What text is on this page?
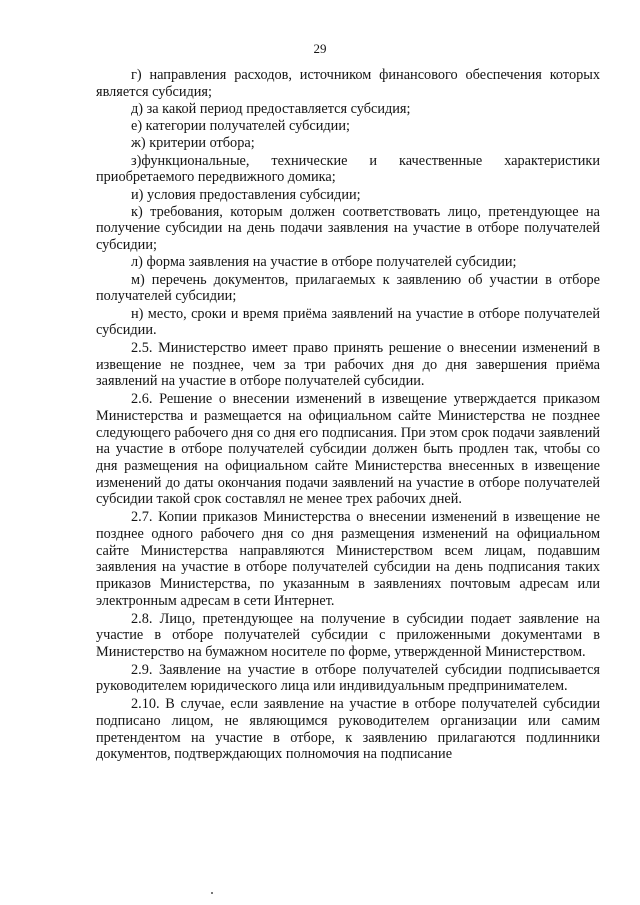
29

г) направления расходов, источником финансового обеспечения которых является субсидия;

д) за какой период предоставляется субсидия;

е) категории получателей субсидии;

ж) критерии отбора;

з)функциональные, технические и качественные характеристики приобретаемого передвижного домика;

и) условия предоставления субсидии;

к) требования, которым должен соответствовать лицо, претендующее на получение субсидии на день подачи заявления на участие в отборе получателей субсидии;

л) форма заявления на участие в отборе получателей субсидии;

м) перечень документов, прилагаемых к заявлению об участии в отборе получателей субсидии;

н) место, сроки и время приёма заявлений на участие в отборе получателей субсидии.

2.5. Министерство имеет право принять решение о внесении изменений в извещение не позднее, чем за три рабочих дня до дня завершения приёма заявлений на участие в отборе получателей субсидии.

2.6. Решение о внесении изменений в извещение утверждается приказом Министерства и размещается на официальном сайте Министерства не позднее следующего рабочего дня со дня его подписания. При этом срок подачи заявлений на участие в отборе получателей субсидии должен быть продлен так, чтобы со дня размещения на официальном сайте Министерства внесенных в извещение изменений до даты окончания подачи заявлений на участие в отборе получателей субсидии такой срок составлял не менее трех рабочих дней.

2.7. Копии приказов Министерства о внесении изменений в извещение не позднее одного рабочего дня со дня размещения изменений на официальном сайте Министерства направляются Министерством всем лицам, подавшим заявления на участие в отборе получателей субсидии на день подписания таких приказов Министерства, по указанным в заявлениях почтовым адресам или электронным адресам в сети Интернет.

2.8. Лицо, претендующее на получение в субсидии подает заявление на участие в отборе получателей субсидии с приложенными документами в Министерство на бумажном носителе по форме, утвержденной Министерством.

2.9. Заявление на участие в отборе получателей субсидии подписывается руководителем юридического лица или индивидуальным предпринимателем.

2.10. В случае, если заявление на участие в отборе получателей субсидии подписано лицом, не являющимся руководителем организации или самим претендентом на участие в отборе, к заявлению прилагаются подлинники документов, подтверждающих полномочия на подписание
